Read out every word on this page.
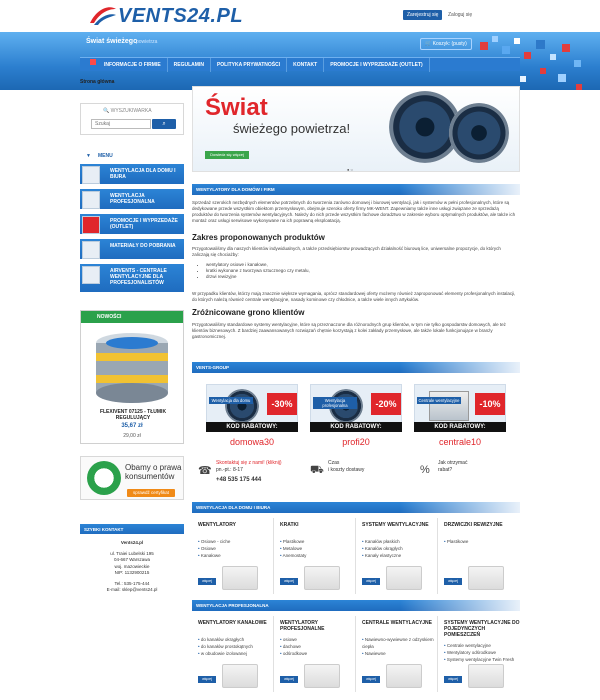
VENTS24.PL	Zarejestruj się	Zaloguj się
Świat świeżego
powietrza	🛒 Koszyk: (pusty)
INFORMACJE O FIRMIE	REGULAMIN	POLITYKA PRYWATNOŚCI	KONTAKT	PROMOCJE I WYPRZEDAŻE (OUTLET)
Strona główna
🔍 WYSZUKIWARKA
Szukaj
⌕
▼ MENU
WENTYLACJA DLA DOMU I BIURA
WENTYLACJA PROFESJONALNA
PROMOCJE I WYPRZEDAŻE (OUTLET)
MATERIAŁY DO POBRANIA
AIRVENTS - CENTRALE WENTYLACYJNE DLA PROFESJONALISTÓW
NOWOŚCI
FLEXIVENT 07125 - TŁUMIK REGULUJĄCY
35,67 zł
29,00 zł
Obamy o prawa konsumentów
sprawdź certyfikat
SZYBKI KONTAKT
Vents24.pl
ul. Traiei Lubelski 195
04-667 Warszawa
woj. mazowieckie
NIP: 1132900215
Tel.: 535-175-444
E-mail: sklep@vents24.pl
Świat
świeżego powietrza!
Dowiedz się więcej
● ○
WENTYLATORY DLA DOMÓW I FIRM
Sprzedaż szerokich nezbędnych elementów potrzebnych do tworzenia zarówno domowej i biurowej wentylacji, jak i systemów w pełni profesjonalnych, które są dedykowane przede wszystkim obiektom przemysłowym, obejmuje szeroko oferty firmy MK-WENT. Zapewniamy także inne usługi związane ze sprzedażą produktów do tworzenia systemów wentylacyjnych. Należy do nich przede wszystkim fachowe doradztwo w zakresie wyboru optymalnych produktów, ale także ich montaż oraz usługi serwisowe wykonywane na ich poprawną eksploatacją.
Zakres proponowanych produktów
Przygotowaliśmy dla naszych klientów indywidualnych, a także przedsiębiorstw prowadzących działalność biurową lice, uniwersalne propozycje, do których zaliczają się chociażby:
• wentylatory osiowe i kanałowe,
• kratki wykonane z tworzywa sztucznego czy metalu,
• drzwi rewizyjne
W przypadku klientów, którzy mają znacznie większe wymagania, oprócz standardowej oferty możemy również zaproponować elementy profesjonalnych instalacji, do których należą również centrale wentylacyjne, nasady kominowe czy chłodnice, a także wiele innych artykułów.
Zróżnicowane grono klientów
Przygotowaliśmy standardowe systemy wentylacyjne, które są przeznaczone dla różnorodnych grup klientów, w tym nie tylko gospodarstw domowych, ale też klientów biznesowych. Z bardziej zaawansowanych rozwiązań chętnie korzystają z kolei zakłady przemysłowe, ale także lokale funkcjonujące w branży gastronomicznej.
VENTS-GROUP
Wentylacja dla domu	-30%
KOD RABATOWY:
domowa30
Wentylacja profesjonalna	-20%
KOD RABATOWY:
profi20
Centrale wentylacyjne	-10%
KOD RABATOWY:
centrale10
☎
Skontaktuj się z nami! (kliknij)
pn.-pt.: 8-17
+48 535 175 444
⛟
Czas
i koszty dostawy	%
Jak otrzymać
rabat?
WENTYLACJA DLA DOMU I BIURA
WENTYLATORY
• Osiowe - ciche
• Osiowe
• Kanałowe
więcej
KRATKI
• Plastikowe
• Metalowe
• Anemostaty
więcej
SYSTEMY WENTYLACYJNE
• Kanałów płaskich
• Kanałów okrągłych
• Kanały elastyczne
więcej
DRZWICZKI REWIZYJNE
• Plastikowe
więcej
WENTYLACJA PROFESJONALNA
WENTYLATORY KANAŁOWE
• do kanałów okrągłych
• do kanałów prostokątnych
• w obudowie izolowanej
więcej
WENTYLATORY PROFESJONALNE
• osiowe
• dachowe
• odśrodkowe
więcej
CENTRALE WENTYLACYJNE
• Nawiewno-wywiewne z odzyskiem ciepła
• Nawiewne
więcej
SYSTEMY WENTYLACYJNE DO POJEDYNCZYCH POMIESZCZEŃ
• Centrale wentylacyjne
• Wentylatory odśrodkowe
• Systemy wentylacyjne Twin Fresh
więcej
